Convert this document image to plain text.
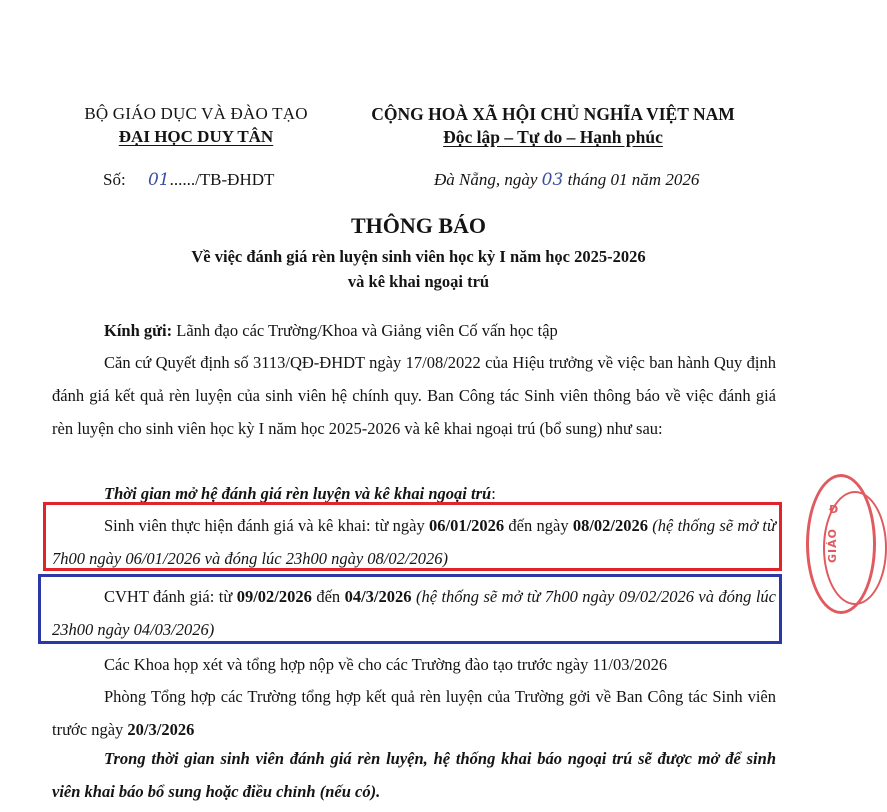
BỘ GIÁO DỤC VÀ ĐÀO TẠO
ĐẠI HỌC DUY TÂN
CỘNG HOÀ XÃ HỘI CHỦ NGHĨA VIỆT NAM
Độc lập – Tự do – Hạnh phúc
Số: 01....../TB-ĐHDT	Đà Nẵng, ngày 03 tháng 01 năm 2026
THÔNG BÁO
Về việc đánh giá rèn luyện sinh viên học kỳ I năm học 2025-2026
và kê khai ngoại trú
Kính gửi: Lãnh đạo các Trường/Khoa và Giảng viên Cố vấn học tập
Căn cứ Quyết định số 3113/QĐ-ĐHDT ngày 17/08/2022 của Hiệu trưởng về việc ban hành Quy định đánh giá kết quả rèn luyện của sinh viên hệ chính quy. Ban Công tác Sinh viên thông báo về việc đánh giá rèn luyện cho sinh viên học kỳ I năm học 2025-2026 và kê khai ngoại trú (bổ sung) như sau:
Thời gian mở hệ đánh giá rèn luyện và kê khai ngoại trú:
Sinh viên thực hiện đánh giá và kê khai: từ ngày 06/01/2026 đến ngày 08/02/2026 (hệ thống sẽ mở từ 7h00 ngày 06/01/2026 và đóng lúc 23h00 ngày 08/02/2026)
CVHT đánh giá: từ 09/02/2026 đến 04/3/2026 (hệ thống sẽ mở từ 7h00 ngày 09/02/2026 và đóng lúc 23h00 ngày 04/03/2026)
Các Khoa họp xét và tổng hợp nộp về cho các Trường đào tạo trước ngày 11/03/2026
Phòng Tổng hợp các Trường tổng hợp kết quả rèn luyện của Trường gởi về Ban Công tác Sinh viên trước ngày 20/3/2026
Trong thời gian sinh viên đánh giá rèn luyện, hệ thống khai báo ngoại trú sẽ được mở để sinh viên khai báo bổ sung hoặc điều chỉnh (nếu có).
GIÁO
Đ
